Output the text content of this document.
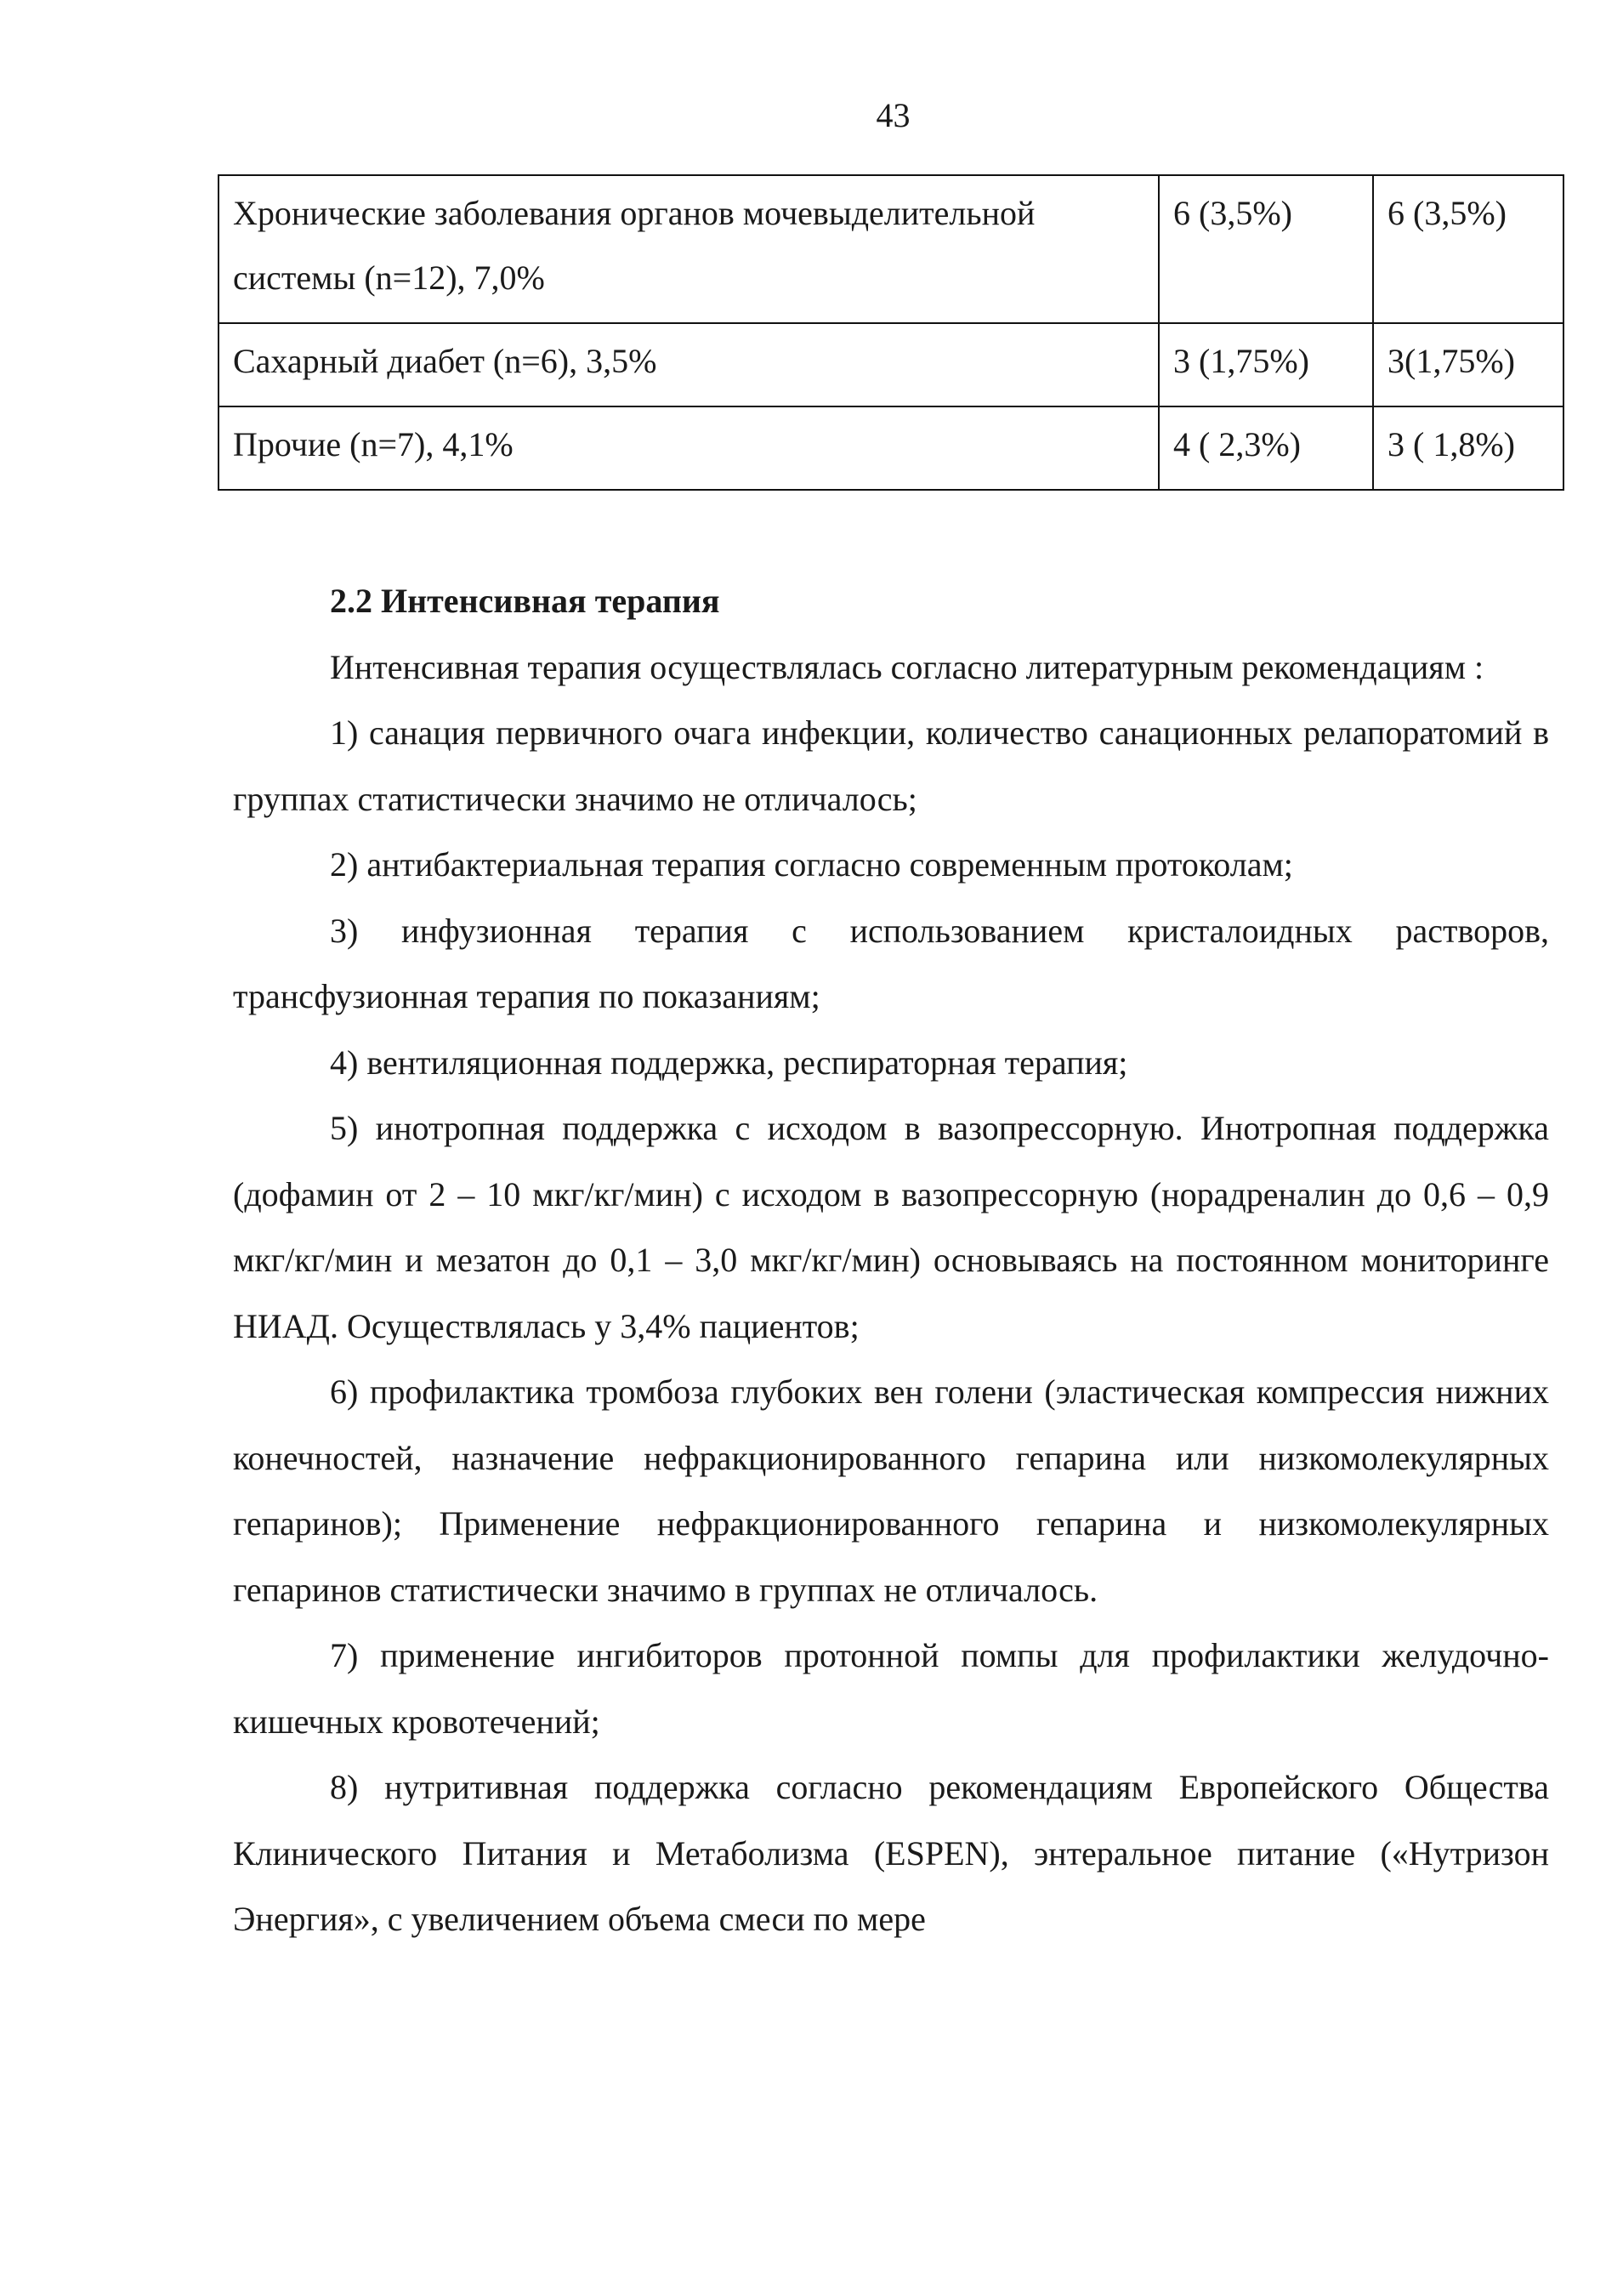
43
Хронические заболевания органов мочевыделительной системы (n=12), 7,0%	6 (3,5%)	6 (3,5%)
Сахарный диабет (n=6), 3,5%	3 (1,75%)	3(1,75%)
Прочие (n=7), 4,1%	4 ( 2,3%)	3 ( 1,8%)
2.2 Интенсивная терапия

Интенсивная терапия осуществлялась согласно литературным рекомендациям :

1) санация первичного очага инфекции, количество санационных релапоратомий в группах статистически значимо не отличалось;

2) антибактериальная терапия согласно современным протоколам;

3) инфузионная терапия с использованием кристалоидных растворов, трансфузионная терапия по показаниям;

4) вентиляционная поддержка, респираторная терапия;

5) инотропная поддержка с исходом в вазопрессорную. Инотропная поддержка (дофамин от 2 – 10 мкг/кг/мин) с исходом в вазопрессорную (норадреналин до 0,6 – 0,9 мкг/кг/мин и мезатон до 0,1 – 3,0 мкг/кг/мин) основываясь на постоянном мониторинге НИАД. Осуществлялась у 3,4% пациентов;

6) профилактика тромбоза глубоких вен голени (эластическая компрессия нижних конечностей, назначение нефракционированного гепарина или низкомолекулярных гепаринов); Применение нефракционированного гепарина и низкомолекулярных гепаринов статистически значимо в группах не отличалось.

7) применение ингибиторов протонной помпы для профилактики желудочно-кишечных кровотечений;

8) нутритивная поддержка согласно рекомендациям Европейского Общества Клинического Питания и Метаболизма (ESPEN), энтеральное питание («Нутризон Энергия», с увеличением объема смеси по мере
